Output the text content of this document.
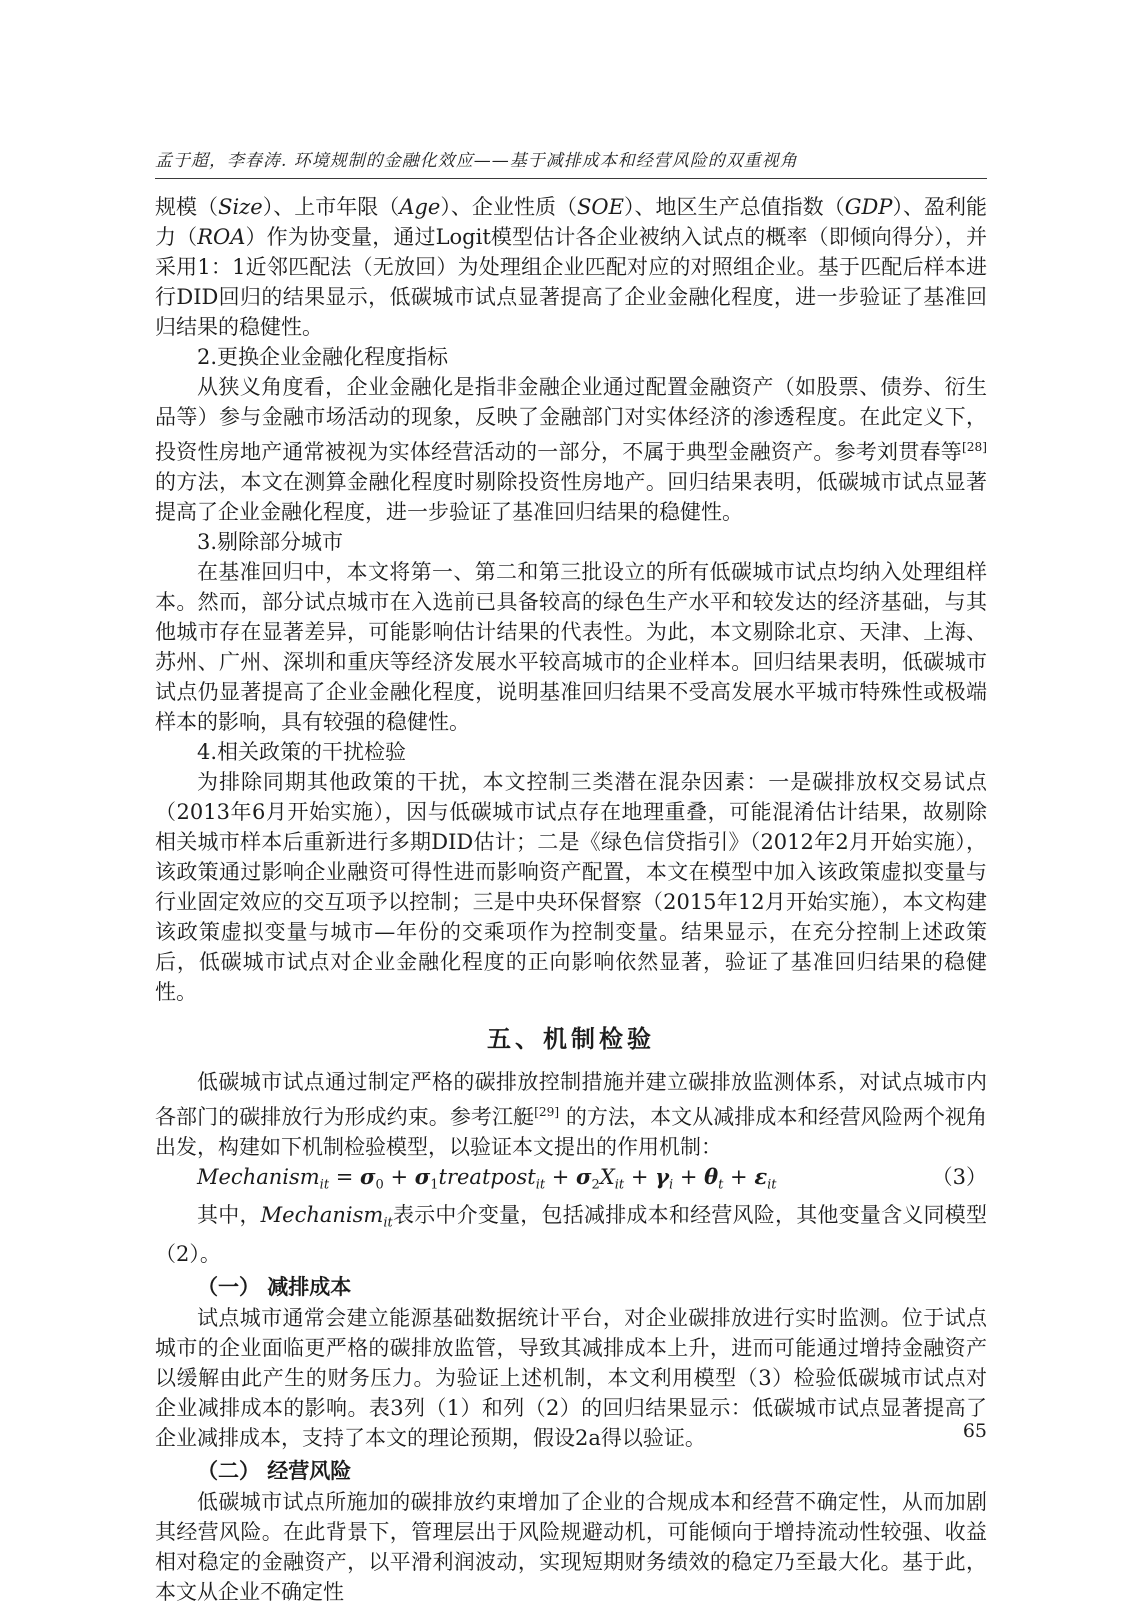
孟于超，李春涛. 环境规制的金融化效应——基于减排成本和经营风险的双重视角

规模（Size）、上市年限（Age）、企业性质（SOE）、地区生产总值指数（GDP）、盈利能力（ROA）作为协变量，通过Logit模型估计各企业被纳入试点的概率（即倾向得分），并采用1：1近邻匹配法（无放回）为处理组企业匹配对应的对照组企业。基于匹配后样本进行DID回归的结果显示，低碳城市试点显著提高了企业金融化程度，进一步验证了基准回归结果的稳健性。

2.更换企业金融化程度指标

从狭义角度看，企业金融化是指非金融企业通过配置金融资产（如股票、债券、衍生品等）参与金融市场活动的现象，反映了金融部门对实体经济的渗透程度。在此定义下，投资性房地产通常被视为实体经营活动的一部分，不属于典型金融资产。参考刘贯春等[28] 的方法，本文在测算金融化程度时剔除投资性房地产。回归结果表明，低碳城市试点显著提高了企业金融化程度，进一步验证了基准回归结果的稳健性。

3.剔除部分城市

在基准回归中，本文将第一、第二和第三批设立的所有低碳城市试点均纳入处理组样本。然而，部分试点城市在入选前已具备较高的绿色生产水平和较发达的经济基础，与其他城市存在显著差异，可能影响估计结果的代表性。为此，本文剔除北京、天津、上海、苏州、广州、深圳和重庆等经济发展水平较高城市的企业样本。回归结果表明，低碳城市试点仍显著提高了企业金融化程度，说明基准回归结果不受高发展水平城市特殊性或极端样本的影响，具有较强的稳健性。

4.相关政策的干扰检验

为排除同期其他政策的干扰，本文控制三类潜在混杂因素：一是碳排放权交易试点（2013年6月开始实施），因与低碳城市试点存在地理重叠，可能混淆估计结果，故剔除相关城市样本后重新进行多期DID估计；二是《绿色信贷指引》（2012年2月开始实施），该政策通过影响企业融资可得性进而影响资产配置，本文在模型中加入该政策虚拟变量与行业固定效应的交互项予以控制；三是中央环保督察（2015年12月开始实施），本文构建该政策虚拟变量与城市—年份的交乘项作为控制变量。结果显示，在充分控制上述政策后，低碳城市试点对企业金融化程度的正向影响依然显著，验证了基准回归结果的稳健性。

五、机制检验

低碳城市试点通过制定严格的碳排放控制措施并建立碳排放监测体系，对试点城市内各部门的碳排放行为形成约束。参考江艇[29] 的方法，本文从减排成本和经营风险两个视角出发，构建如下机制检验模型，以验证本文提出的作用机制：

Mechanism$_{it}$ = $\sigma_0$ + $\sigma_1treatpost_{it} + \sigma_2X_{it} + \gamma_i + \theta_t + \varepsilon_{it}$	（3）

其中，Mechanism$_{it}$表示中介变量，包括减排成本和经营风险，其他变量含义同模型（2）。

（一） 减排成本

试点城市通常会建立能源基础数据统计平台，对企业碳排放进行实时监测。位于试点城市的企业面临更严格的碳排放监管，导致其减排成本上升，进而可能通过增持金融资产以缓解由此产生的财务压力。为验证上述机制，本文利用模型（3）检验低碳城市试点对企业减排成本的影响。表3列（1）和列（2）的回归结果显示：低碳城市试点显著提高了企业减排成本，支持了本文的理论预期，假设2a得以验证。

（二） 经营风险

低碳城市试点所施加的碳排放约束增加了企业的合规成本和经营不确定性，从而加剧其经营风险。在此背景下，管理层出于风险规避动机，可能倾向于增持流动性较强、收益相对稳定的金融资产，以平滑利润波动，实现短期财务绩效的稳定乃至最大化。基于此，本文从企业不确定性

65
